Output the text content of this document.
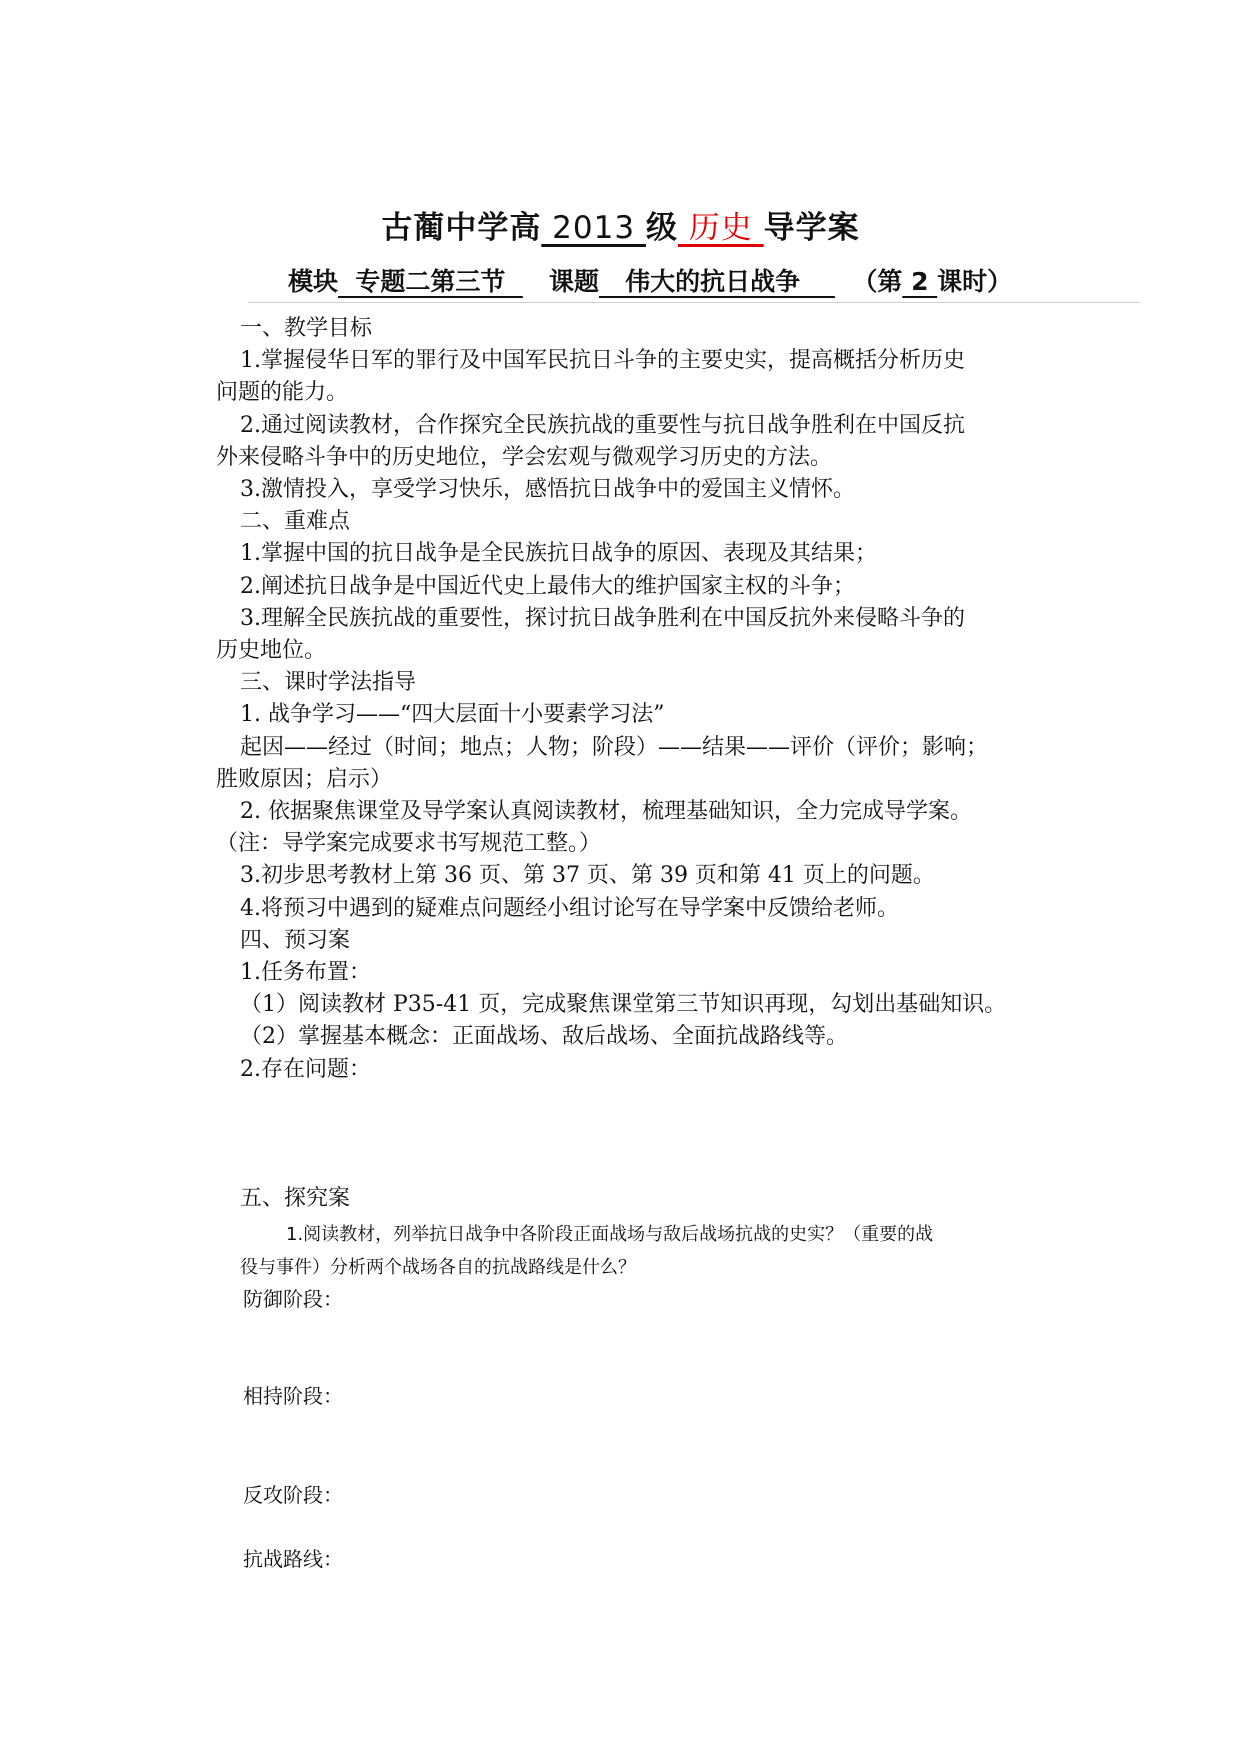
古蔺中学高 2013 级 历史 导学案
模块  专题二第三节     课题   伟大的抗日战争      （第 2 课时）

一、教学目标

1.掌握侵华日军的罪行及中国军民抗日斗争的主要史实，提高概括分析历史

问题的能力。

2.通过阅读教材，合作探究全民族抗战的重要性与抗日战争胜利在中国反抗

外来侵略斗争中的历史地位，学会宏观与微观学习历史的方法。

3.激情投入，享受学习快乐，感悟抗日战争中的爱国主义情怀。

二、重难点

1.掌握中国的抗日战争是全民族抗日战争的原因、表现及其结果；

2.阐述抗日战争是中国近代史上最伟大的维护国家主权的斗争；

3.理解全民族抗战的重要性，探讨抗日战争胜利在中国反抗外来侵略斗争的

历史地位。

三、课时学法指导

1. 战争学习——“四大层面十小要素学习法”

起因——经过（时间；地点；人物；阶段）——结果——评价（评价；影响；

胜败原因；启示）

2. 依据聚焦课堂及导学案认真阅读教材，梳理基础知识，全力完成导学案。

（注：导学案完成要求书写规范工整。）

3.初步思考教材上第 36 页、第 37 页、第 39 页和第 41 页上的问题。

4.将预习中遇到的疑难点问题经小组讨论写在导学案中反馈给老师。

四、预习案

1.任务布置：

（1）阅读教材 P35-41 页，完成聚焦课堂第三节知识再现，勾划出基础知识。

（2）掌握基本概念：正面战场、敌后战场、全面抗战路线等。

2.存在问题：

五、探究案

1.阅读教材，列举抗日战争中各阶段正面战场与敌后战场抗战的史实？（重要的战
役与事件）分析两个战场各自的抗战路线是什么？
防御阶段：
相持阶段：
反攻阶段：
抗战路线：
